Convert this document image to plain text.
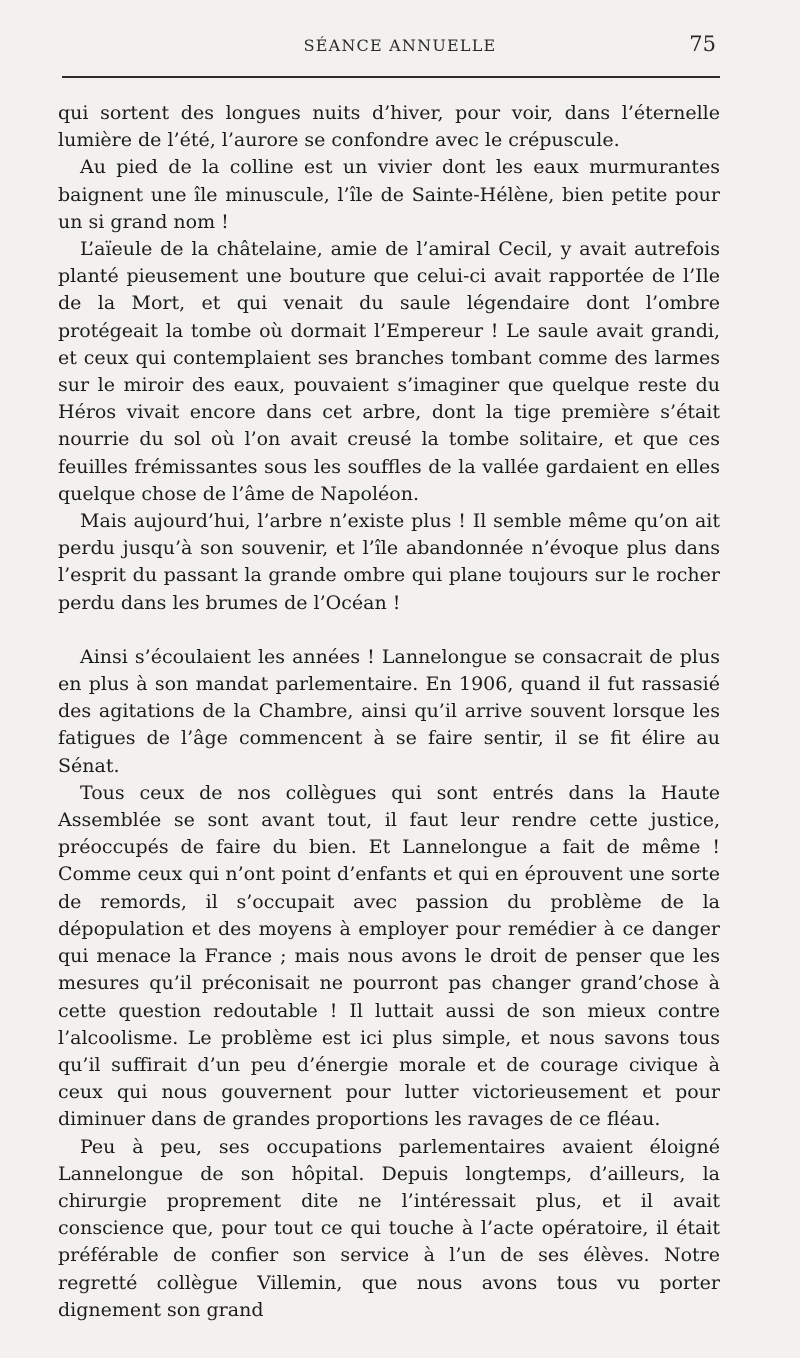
SÉANCE ANNUELLE	75

qui sortent des longues nuits d’hiver, pour voir, dans l’éternelle lumière de l’été, l’aurore se confondre avec le crépuscule.

Au pied de la colline est un vivier dont les eaux murmurantes baignent une île minuscule, l’île de Sainte-Hélène, bien petite pour un si grand nom !

L’aïeule de la châtelaine, amie de l’amiral Cecil, y avait autrefois planté pieusement une bouture que celui-ci avait rapportée de l’Ile de la Mort, et qui venait du saule légendaire dont l’ombre protégeait la tombe où dormait l’Empereur ! Le saule avait grandi, et ceux qui contemplaient ses branches tombant comme des larmes sur le miroir des eaux, pouvaient s’imaginer que quelque reste du Héros vivait encore dans cet arbre, dont la tige première s’était nourrie du sol où l’on avait creusé la tombe solitaire, et que ces feuilles frémissantes sous les souffles de la vallée gardaient en elles quelque chose de l’âme de Napoléon.

Mais aujourd’hui, l’arbre n’existe plus ! Il semble même qu’on ait perdu jusqu’à son souvenir, et l’île abandonnée n’évoque plus dans l’esprit du passant la grande ombre qui plane toujours sur le rocher perdu dans les brumes de l’Océan !

Ainsi s’écoulaient les années ! Lannelongue se consacrait de plus en plus à son mandat parlementaire. En 1906, quand il fut rassasié des agitations de la Chambre, ainsi qu’il arrive souvent lorsque les fatigues de l’âge commencent à se faire sentir, il se fit élire au Sénat.

Tous ceux de nos collègues qui sont entrés dans la Haute Assemblée se sont avant tout, il faut leur rendre cette justice, préoccupés de faire du bien. Et Lannelongue a fait de même ! Comme ceux qui n’ont point d’enfants et qui en éprouvent une sorte de remords, il s’occupait avec passion du problème de la dépopulation et des moyens à employer pour remédier à ce danger qui menace la France ; mais nous avons le droit de penser que les mesures qu’il préconisait ne pourront pas changer grand’chose à cette question redoutable ! Il luttait aussi de son mieux contre l’alcoolisme. Le problème est ici plus simple, et nous savons tous qu’il suffirait d’un peu d’énergie morale et de courage civique à ceux qui nous gouvernent pour lutter victorieusement et pour diminuer dans de grandes proportions les ravages de ce fléau.

Peu à peu, ses occupations parlementaires avaient éloigné Lannelongue de son hôpital. Depuis longtemps, d’ailleurs, la chirurgie proprement dite ne l’intéressait plus, et il avait conscience que, pour tout ce qui touche à l’acte opératoire, il était préférable de confier son service à l’un de ses élèves. Notre regretté collègue Villemin, que nous avons tous vu porter dignement son grand
